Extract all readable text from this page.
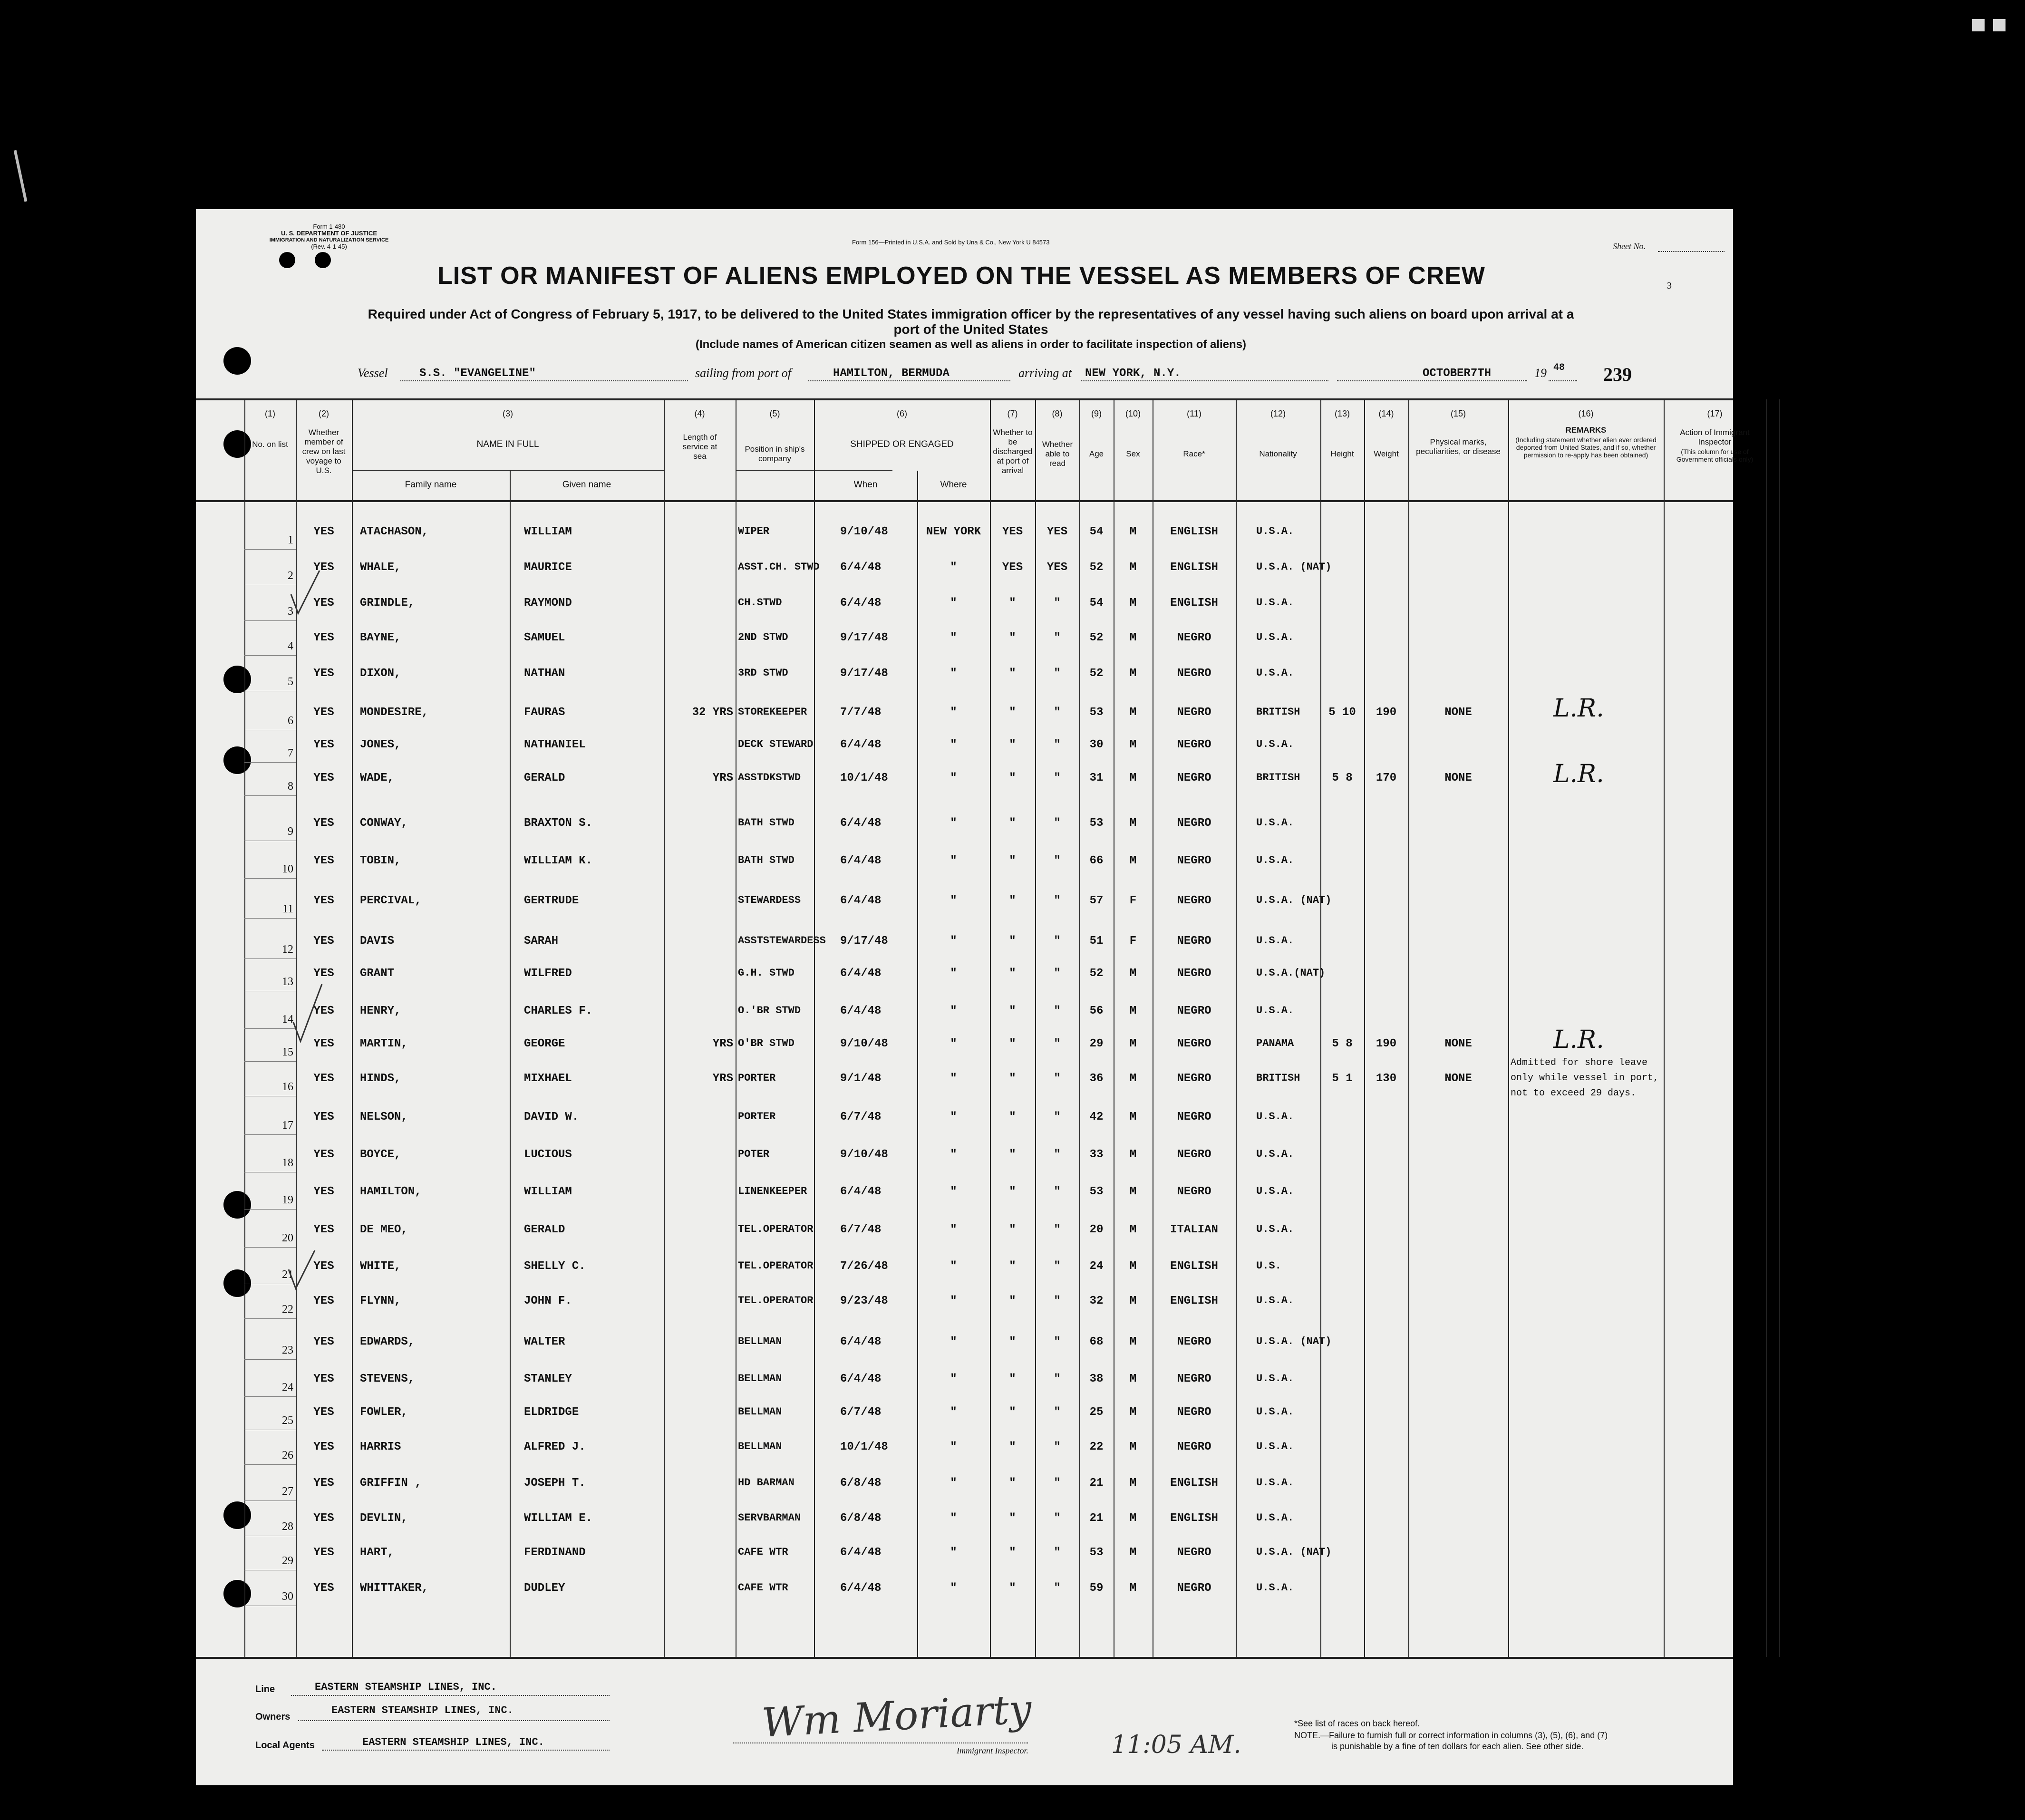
Form 1-480
U. S. DEPARTMENT OF JUSTICE
IMMIGRATION AND NATURALIZATION SERVICE
(Rev. 4-1-45)
Form 156—Printed in U.S.A. and Sold by Una & Co., New York U 84573	Sheet No.
3
LIST OR MANIFEST OF ALIENS EMPLOYED ON THE VESSEL AS MEMBERS OF CREW
Required under Act of Congress of February 5, 1917, to be delivered to the United States immigration officer by the representatives of any vessel having such aliens on board upon arrival at a
port of the United States
(Include names of American citizen seamen as well as aliens in order to facilitate inspection of aliens)
Vessel	S.S. "EVANGELINE"	sailing from port of	HAMILTON, BERMUDA	arriving at NEW YORK, N.Y.	OCTOBER7TH	19 48 239
(1)	(2)	(3)	(4)	(5)	(6)	(7)	(8)	(9)	(10)	(11)	(12)	(13)	(14)	(15)	(16)	(17)
No. on list
Whether member of crew on last voyage to U.S.
NAME IN FULL
Family name	Given name
Length of service at sea
Position in ship's company
SHIPPED OR ENGAGED
When	Where
Whether to be discharged at port of arrival
Whether able to read
Age	Sex	Race*	Nationality	Height	Weight
Physical marks, peculiarities, or disease
REMARKS
(Including statement whether alien ever ordered deported from United States, and if so, whether permission to re-apply has been obtained)
Action of Immigrant Inspector
(This column for use of Government officials only)
1
YES	ATACHASON,	WILLIAM	WIPER	9/10/48	NEW YORK	YES	YES	54	M	ENGLISH	U.S.A.
2
YES	WHALE,	MAURICE	ASST.CH. STWD	6/4/48	"	YES	YES	52	M	ENGLISH	U.S.A. (NAT)
3
YES	GRINDLE,	RAYMOND	CH.STWD	6/4/48	"	"	"	54	M	ENGLISH	U.S.A.
4
YES	BAYNE,	SAMUEL	2ND STWD	9/17/48	"	"	"	52	M	NEGRO	U.S.A.
5
YES	DIXON,	NATHAN	3RD STWD	9/17/48	"	"	"	52	M	NEGRO	U.S.A.
6
YES	MONDESIRE,	FAURAS	32 YRS STOREKEEPER	7/7/48	"	"	"	53	M	NEGRO	BRITISH	5 10	190	NONE	L.R.
7
YES	JONES,	NATHANIEL	DECK STEWARD	6/4/48	"	"	"	30	M	NEGRO	U.S.A.
8
YES	WADE,	GERALD	YRS ASSTDKSTWD	10/1/48	"	"	"	31	M	NEGRO	BRITISH	5 8	170	NONE	L.R.
9
YES	CONWAY,	BRAXTON S.	BATH STWD	6/4/48	"	"	"	53	M	NEGRO	U.S.A.
10
YES	TOBIN,	WILLIAM K.	BATH STWD	6/4/48	"	"	"	66	M	NEGRO	U.S.A.
11
YES	PERCIVAL,	GERTRUDE	STEWARDESS	6/4/48	"	"	"	57	F	NEGRO	U.S.A. (NAT)
12
YES	DAVIS	SARAH	ASSTSTEWARDESS	9/17/48	"	"	"	51	F	NEGRO	U.S.A.
13
YES	GRANT	WILFRED	G.H. STWD	6/4/48	"	"	"	52	M	NEGRO	U.S.A.(NAT)
14
YES	HENRY,	CHARLES F.	O.'BR STWD	6/4/48	"	"	"	56	M	NEGRO	U.S.A.
15
YES	MARTIN,	GEORGE	YRS O'BR STWD	9/10/48	"	"	"	29	M	NEGRO	PANAMA	5 8	190	NONE	L.R.
16
YES	HINDS,	MIXHAEL	YRS PORTER	9/1/48	"	"	"	36	M	NEGRO	BRITISH	5 1	130	NONE
Admitted for shore leave only while vessel in port, not to exceed 29 days.
17
YES	NELSON,	DAVID W.	PORTER	6/7/48	"	"	"	42	M	NEGRO	U.S.A.
18
YES	BOYCE,	LUCIOUS	POTER	9/10/48	"	"	"	33	M	NEGRO	U.S.A.
19
YES	HAMILTON,	WILLIAM	LINENKEEPER	6/4/48	"	"	"	53	M	NEGRO	U.S.A.
20
YES	DE MEO,	GERALD	TEL.OPERATOR	6/7/48	"	"	"	20	M	ITALIAN	U.S.A.
21
YES	WHITE,	SHELLY C.	TEL.OPERATOR	7/26/48	"	"	"	24	M	ENGLISH	U.S.
22
YES	FLYNN,	JOHN F.	TEL.OPERATOR	9/23/48	"	"	"	32	M	ENGLISH	U.S.A.
23
YES	EDWARDS,	WALTER	BELLMAN	6/4/48	"	"	"	68	M	NEGRO	U.S.A. (NAT)
24
YES	STEVENS,	STANLEY	BELLMAN	6/4/48	"	"	"	38	M	NEGRO	U.S.A.
25
YES	FOWLER,	ELDRIDGE	BELLMAN	6/7/48	"	"	"	25	M	NEGRO	U.S.A.
26
YES	HARRIS	ALFRED J.	BELLMAN	10/1/48	"	"	"	22	M	NEGRO	U.S.A.
27
YES	GRIFFIN ,	JOSEPH T.	HD BARMAN	6/8/48	"	"	"	21	M	ENGLISH	U.S.A.
28
YES	DEVLIN,	WILLIAM E.	SERVBARMAN	6/8/48	"	"	"	21	M	ENGLISH	U.S.A.
29
YES	HART,	FERDINAND	CAFE WTR	6/4/48	"	"	"	53	M	NEGRO	U.S.A. (NAT)
30
YES	WHITTAKER,	DUDLEY	CAFE WTR	6/4/48	"	"	"	59	M	NEGRO	U.S.A.
Line	EASTERN STEAMSHIP LINES, INC.
Owners
EASTERN STEAMSHIP LINES, INC.
Local Agents	EASTERN STEAMSHIP LINES, INC.	Wm Moriarty
Immigrant Inspector.	11:05 AM.
*See list of races on back hereof.
NOTE.—Failure to furnish full or correct information in columns (3), (5), (6), and (7)
is punishable by a fine of ten dollars for each alien. See other side.
